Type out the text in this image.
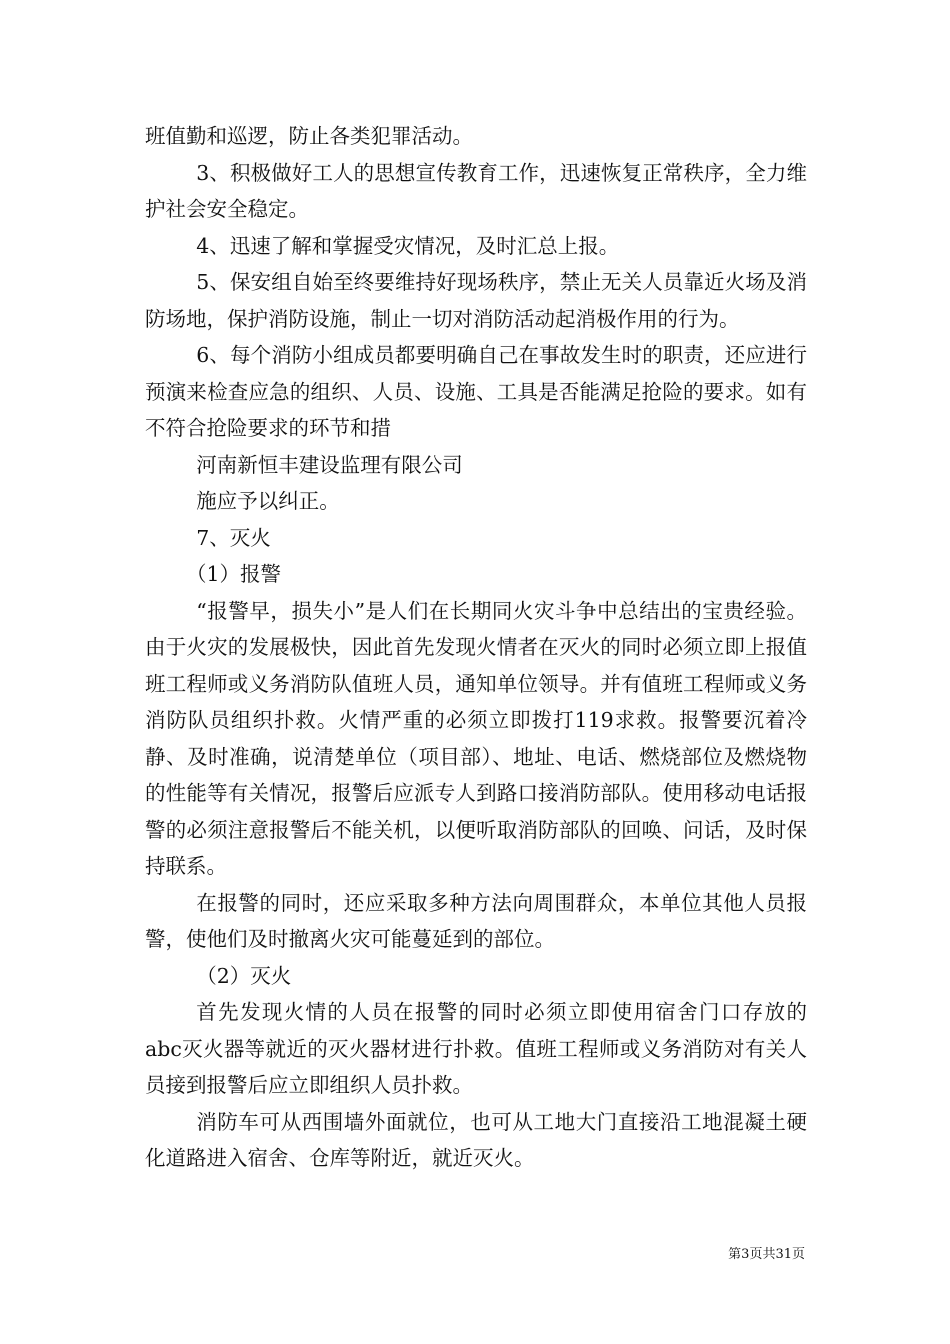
班值勤和巡逻，防止各类犯罪活动。

3、积极做好工人的思想宣传教育工作，迅速恢复正常秩序，全力维护社会安全稳定。

4、迅速了解和掌握受灾情况，及时汇总上报。

5、保安组自始至终要维持好现场秩序，禁止无关人员靠近火场及消防场地，保护消防设施，制止一切对消防活动起消极作用的行为。

6、每个消防小组成员都要明确自己在事故发生时的职责，还应进行预演来检查应急的组织、人员、设施、工具是否能满足抢险的要求。如有不符合抢险要求的环节和措

河南新恒丰建设监理有限公司

施应予以纠正。

7、灭火

（1）报警

“报警早，损失小”是人们在长期同火灾斗争中总结出的宝贵经验。由于火灾的发展极快，因此首先发现火情者在灭火的同时必须立即上报值班工程师或义务消防队值班人员，通知单位领导。并有值班工程师或义务消防队员组织扑救。火情严重的必须立即拨打119求救。报警要沉着冷静、及时准确，说清楚单位（项目部）、地址、电话、燃烧部位及燃烧物的性能等有关情况，报警后应派专人到路口接消防部队。使用移动电话报警的必须注意报警后不能关机，以便听取消防部队的回唤、问话，及时保持联系。

在报警的同时，还应采取多种方法向周围群众，本单位其他人员报警，使他们及时撤离火灾可能蔓延到的部位。

（2）灭火

首先发现火情的人员在报警的同时必须立即使用宿舍门口存放的abc灭火器等就近的灭火器材进行扑救。值班工程师或义务消防对有关人员接到报警后应立即组织人员扑救。

消防车可从西围墙外面就位，也可从工地大门直接沿工地混凝土硬化道路进入宿舍、仓库等附近，就近灭火。

第3页共31页
